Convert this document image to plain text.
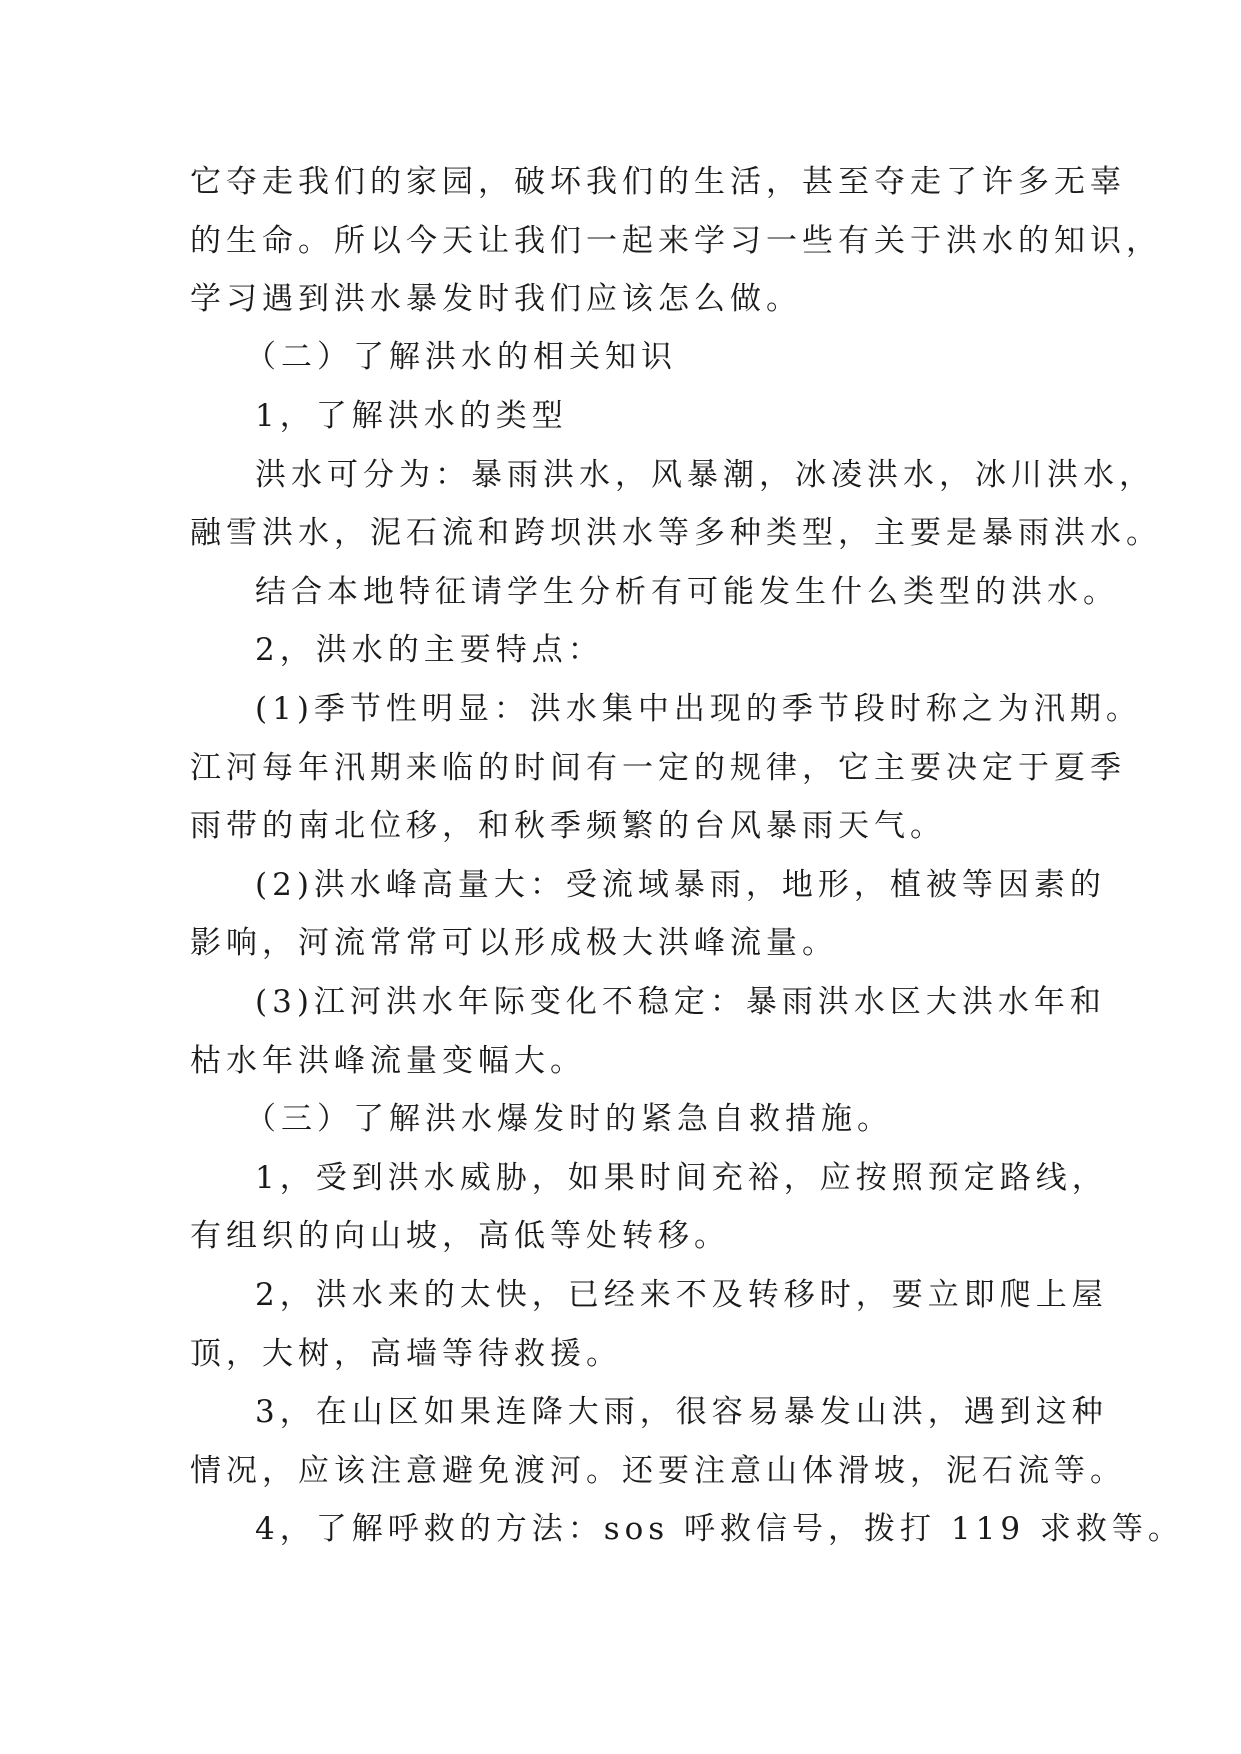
它夺走我们的家园，破坏我们的生活，甚至夺走了许多无辜
的生命。所以今天让我们一起来学习一些有关于洪水的知识，
学习遇到洪水暴发时我们应该怎么做。
（二）了解洪水的相关知识
1，了解洪水的类型
洪水可分为：暴雨洪水，风暴潮，冰凌洪水，冰川洪水，
融雪洪水，泥石流和跨坝洪水等多种类型，主要是暴雨洪水。
结合本地特征请学生分析有可能发生什么类型的洪水。
2，洪水的主要特点：
(1)季节性明显：洪水集中出现的季节段时称之为汛期。
江河每年汛期来临的时间有一定的规律，它主要决定于夏季
雨带的南北位移，和秋季频繁的台风暴雨天气。
(2)洪水峰高量大：受流域暴雨，地形，植被等因素的
影响，河流常常可以形成极大洪峰流量。
(3)江河洪水年际变化不稳定：暴雨洪水区大洪水年和
枯水年洪峰流量变幅大。
（三）了解洪水爆发时的紧急自救措施。
1，受到洪水威胁，如果时间充裕，应按照预定路线，
有组织的向山坡，高低等处转移。
2，洪水来的太快，已经来不及转移时，要立即爬上屋
顶，大树，高墙等待救援。
3，在山区如果连降大雨，很容易暴发山洪，遇到这种
情况，应该注意避免渡河。还要注意山体滑坡，泥石流等。
4，了解呼救的方法：sos 呼救信号，拨打 119 求救等。
